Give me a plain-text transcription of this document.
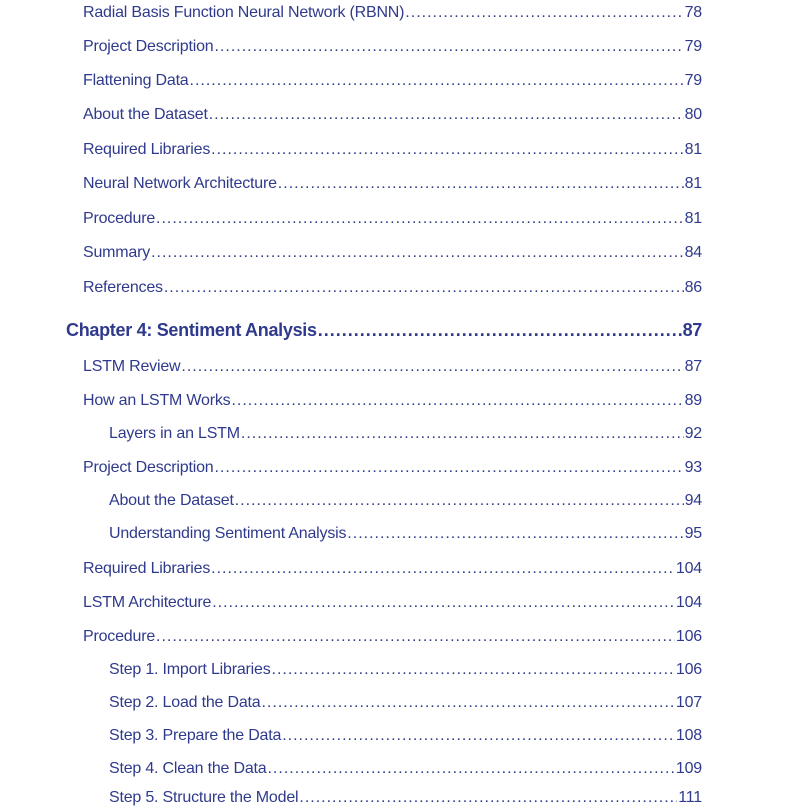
Radial Basis Function Neural Network (RBNN) .....	78
Project Description .....	79
Flattening Data .....	79
About the Dataset .....	80
Required Libraries .....	81
Neural Network Architecture .....	81
Procedure .....	81
Summary .....	84
References .....	86
Chapter 4: Sentiment Analysis .....	87
LSTM Review .....	87
How an LSTM Works .....	89
Layers in an LSTM .....	92
Project Description .....	93
About the Dataset .....	94
Understanding Sentiment Analysis .....	95
Required Libraries .....	104
LSTM Architecture .....	104
Procedure .....	106
Step 1. Import Libraries .....	106
Step 2. Load the Data .....	107
Step 3. Prepare the Data .....	108
Step 4. Clean the Data .....	109
Step 5. Structure the Model .....	111
